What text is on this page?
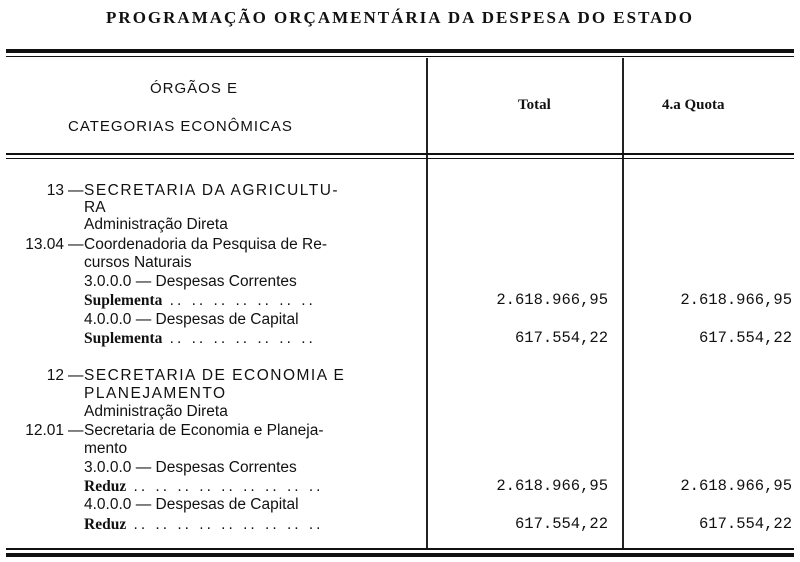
PROGRAMAÇÃO ORÇAMENTÁRIA DA DESPESA DO ESTADO
ÓRGÃOS E
CATEGORIAS ECONÔMICAS
Total	4.a Quota
13 — SECRETARIA DA AGRICULTU-
RA
Administração Direta
13.04 — Coordenadoria da Pesquisa de Re-
cursos Naturais
3.0.0.0 — Despesas Correntes
Suplementa .. .. .. .. .. .. ..	2.618.966,95	2.618.966,95
4.0.0.0 — Despesas de Capital
Suplementa .. .. .. .. .. .. ..	617.554,22	617.554,22
12 — SECRETARIA DE ECONOMIA E
PLANEJAMENTO
Administração Direta
12.01 — Secretaria de Economia e Planeja-
mento
3.0.0.0 — Despesas Correntes
Reduz .. .. .. .. .. .. .. .. ..	2.618.966,95	2.618.966,95
4.0.0.0 — Despesas de Capital
Reduz .. .. .. .. .. .. .. .. ..	617.554,22	617.554,22
